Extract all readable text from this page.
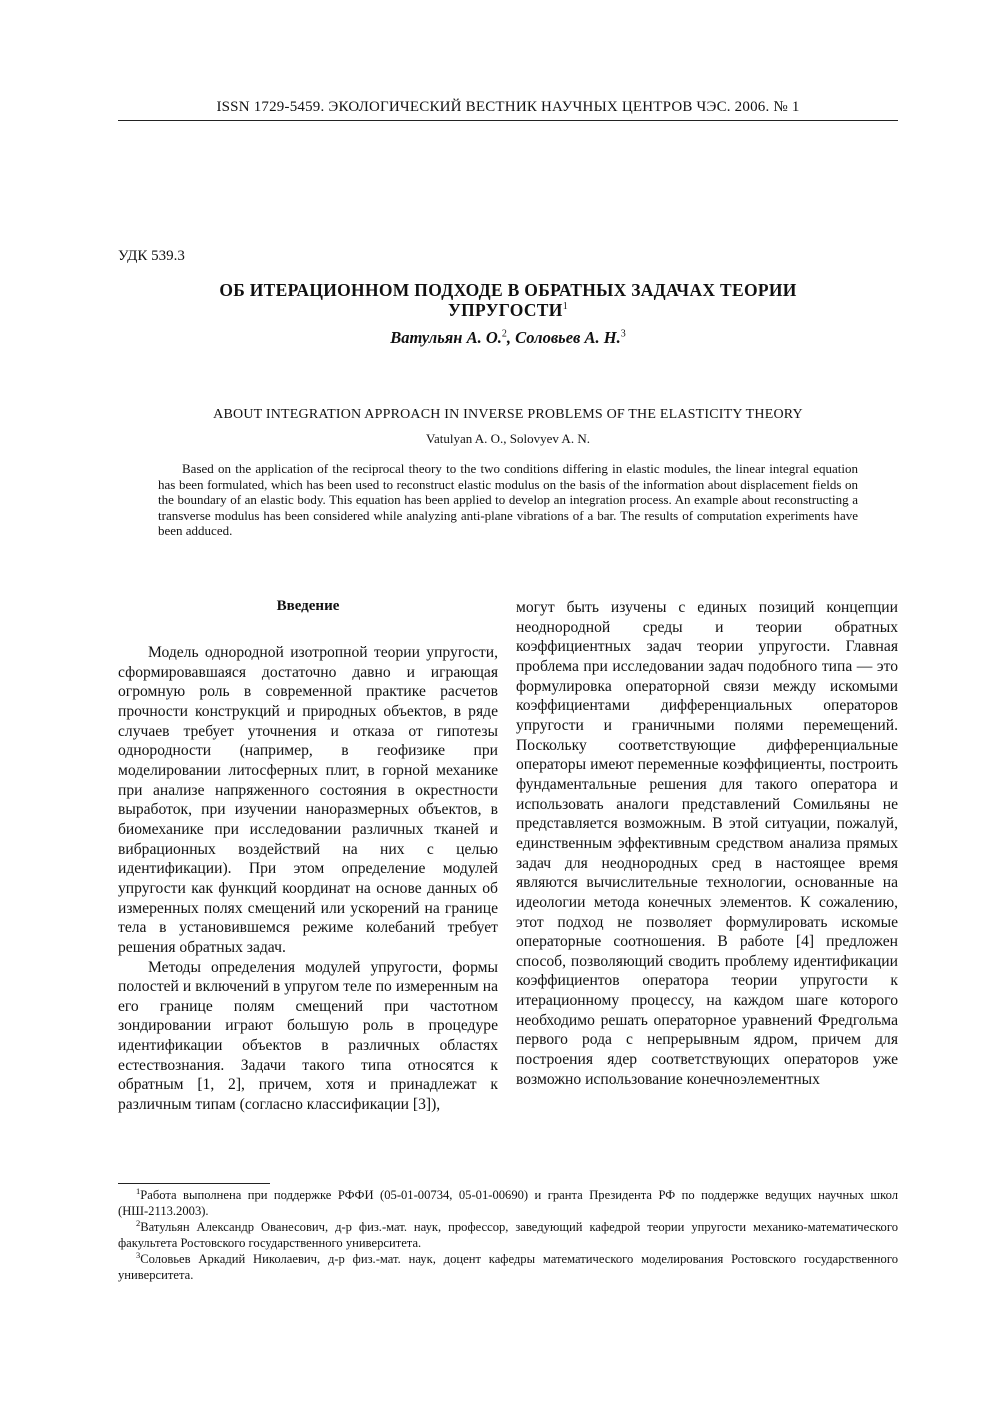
ISSN 1729-5459. ЭКОЛОГИЧЕСКИЙ ВЕСТНИК НАУЧНЫХ ЦЕНТРОВ ЧЭС. 2006. № 1
УДК 539.3
ОБ ИТЕРАЦИОННОМ ПОДХОДЕ В ОБРАТНЫХ ЗАДАЧАХ ТЕОРИИ
УПРУГОСТИ$^1$
Ватульян А. О.$^2$, Соловьев А. Н.$^3$
ABOUT INTEGRATION APPROACH IN INVERSE PROBLEMS OF THE ELASTICITY THEORY
Vatulyan A. O., Solovyev A. N.

Based on the application of the reciprocal theory to the two conditions differing in elastic modules, the linear integral equation has been formulated, which has been used to reconstruct elastic modulus on the basis of the information about displacement fields on the boundary of an elastic body. This equation has been applied to develop an integration process. An example about reconstructing a transverse modulus has been considered while analyzing anti-plane vibrations of a bar. The results of computation experiments have been adduced.

Введение

Модель однородной изотропной теории упругости, сформировавшаяся достаточно давно и играющая огромную роль в современной практике расчетов прочности конструкций и природных объектов, в ряде случаев требует уточнения и отказа от гипотезы однородности (например, в геофизике при моделировании литосферных плит, в горной механике при анализе напряженного состояния в окрестности выработок, при изучении наноразмерных объектов, в биомеханике при исследовании различных тканей и вибрационных воздействий на них с целью идентификации). При этом определение модулей упругости как функций координат на основе данных об измеренных полях смещений или ускорений на границе тела в установившемся режиме колебаний требует решения обратных задач.

Методы определения модулей упругости, формы полостей и включений в упругом теле по измеренным на его границе полям смещений при частотном зондировании играют большую роль в процедуре идентификации объектов в различных областях естествознания. Задачи такого типа относятся к обратным [1, 2], причем, хотя и принадлежат к различным типам (согласно классификации [3]),

могут быть изучены с единых позиций концепции неоднородной среды и теории обратных коэффициентных задач теории упругости. Главная проблема при исследовании задач подобного типа — это формулировка операторной связи между искомыми коэффициентами дифференциальных операторов упругости и граничными полями перемещений. Поскольку соответствующие дифференциальные операторы имеют переменные коэффициенты, построить фундаментальные решения для такого оператора и использовать аналоги представлений Сомильяны не представляется возможным. В этой ситуации, пожалуй, единственным эффективным средством анализа прямых задач для неоднородных сред в настоящее время являются вычислительные технологии, основанные на идеологии метода конечных элементов. К сожалению, этот подход не позволяет формулировать искомые операторные соотношения. В работе [4] предложен способ, позволяющий сводить проблему идентификации коэффициентов оператора теории упругости к итерационному процессу, на каждом шаге которого необходимо решать операторное уравнений Фредгольма первого рода с непрерывным ядром, причем для построения ядер соответствующих операторов уже возможно использование конечноэлементных

$^1$Работа выполнена при поддержке РФФИ (05-01-00734, 05-01-00690) и гранта Президента РФ по поддержке ведущих научных школ (НШ-2113.2003).

$^2$Ватульян Александр Ованесович, д-р физ.-мат. наук, профессор, заведующий кафедрой теории упругости механико-математического факультета Ростовского государственного университета.

$^3$Соловьев Аркадий Николаевич, д-р физ.-мат. наук, доцент кафедры математического моделирования Ростовского государственного университета.
